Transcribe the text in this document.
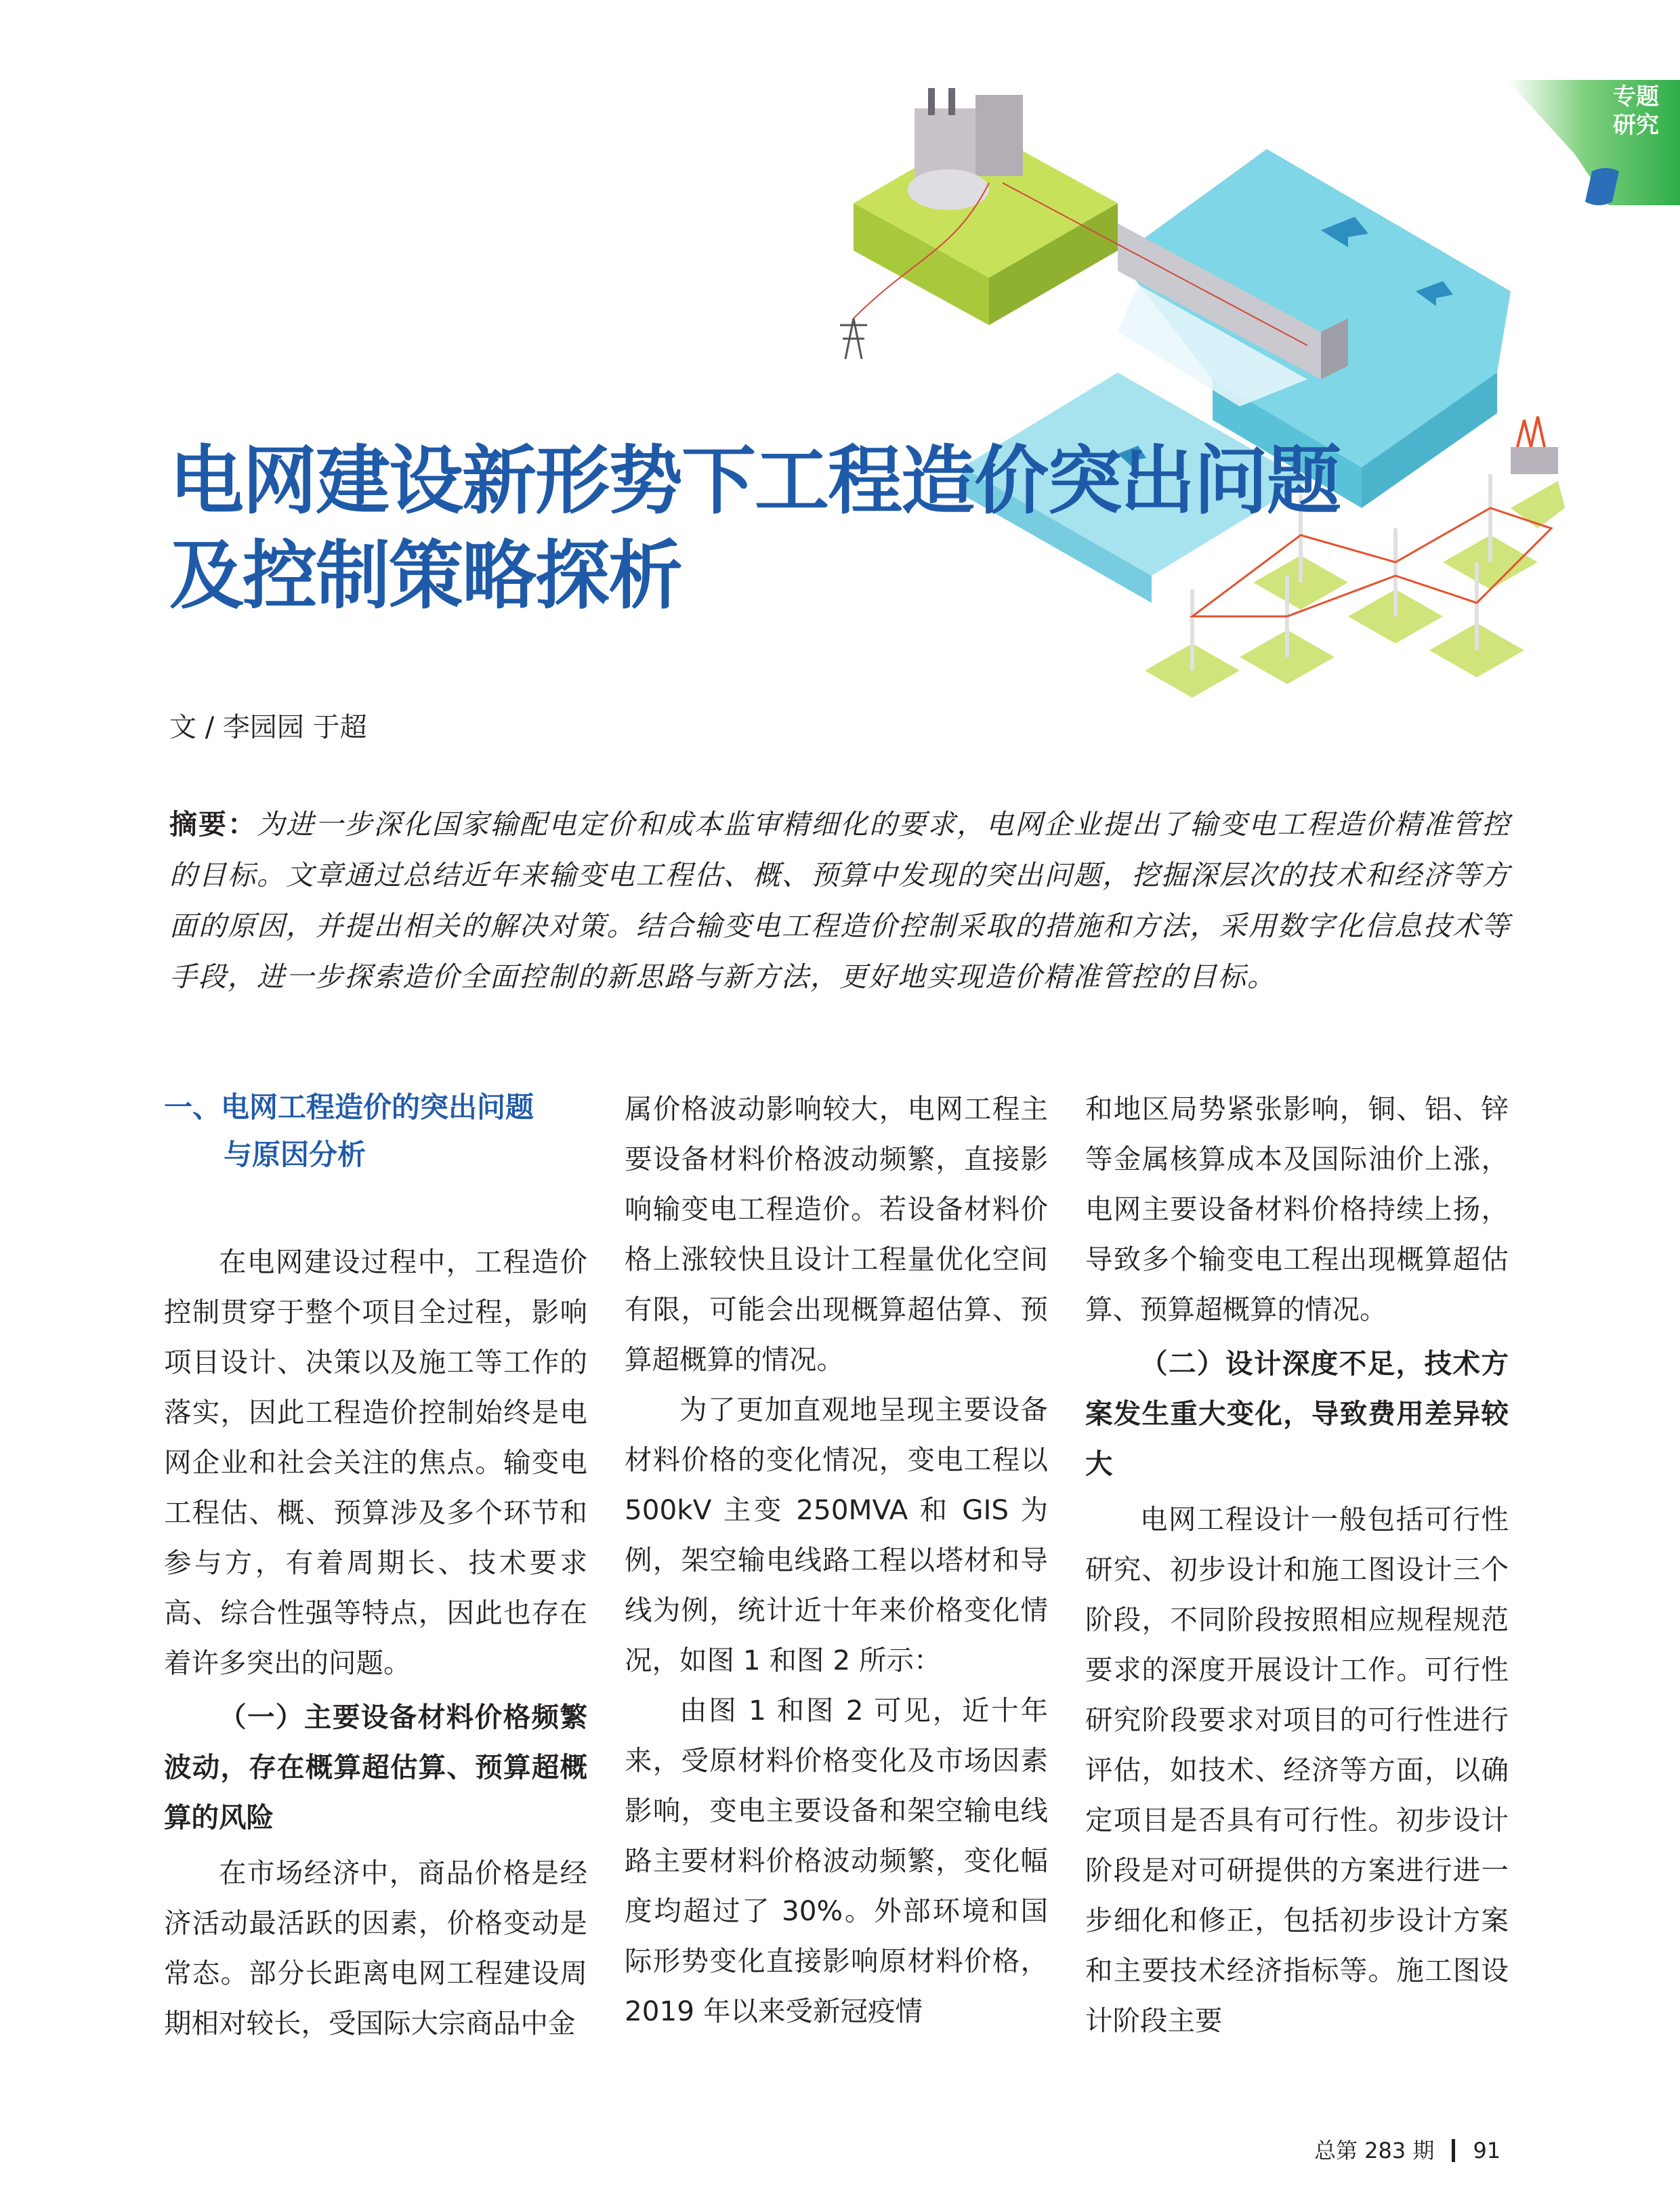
专题
研究
电网建设新形势下工程造价突出问题
及控制策略探析
文 / 李园园 于超
摘要：为进一步深化国家输配电定价和成本监审精细化的要求，电网企业提出了输变电工程造价精准管控的目标。文章通过总结近年来输变电工程估、概、预算中发现的突出问题，挖掘深层次的技术和经济等方面的原因，并提出相关的解决对策。结合输变电工程造价控制采取的措施和方法，采用数字化信息技术等手段，进一步探索造价全面控制的新思路与新方法，更好地实现造价精准管控的目标。
一、电网工程造价的突出问题
与原因分析

在电网建设过程中，工程造价控制贯穿于整个项目全过程，影响项目设计、决策以及施工等工作的落实，因此工程造价控制始终是电网企业和社会关注的焦点。输变电工程估、概、预算涉及多个环节和参与方，有着周期长、技术要求高、综合性强等特点，因此也存在着许多突出的问题。

（一）主要设备材料价格频繁波动，存在概算超估算、预算超概算的风险

在市场经济中，商品价格是经济活动最活跃的因素，价格变动是常态。部分长距离电网工程建设周期相对较长，受国际大宗商品中金

属价格波动影响较大，电网工程主要设备材料价格波动频繁，直接影响输变电工程造价。若设备材料价格上涨较快且设计工程量优化空间有限，可能会出现概算超估算、预算超概算的情况。

为了更加直观地呈现主要设备材料价格的变化情况，变电工程以 500kV 主变 250MVA 和 GIS 为例，架空输电线路工程以塔材和导线为例，统计近十年来价格变化情况，如图 1 和图 2 所示：

由图 1 和图 2 可见，近十年来，受原材料价格变化及市场因素影响，变电主要设备和架空输电线路主要材料价格波动频繁，变化幅度均超过了 30%。外部环境和国际形势变化直接影响原材料价格，2019 年以来受新冠疫情

和地区局势紧张影响，铜、铝、锌等金属核算成本及国际油价上涨，电网主要设备材料价格持续上扬，导致多个输变电工程出现概算超估算、预算超概算的情况。

（二）设计深度不足，技术方案发生重大变化，导致费用差异较大

电网工程设计一般包括可行性研究、初步设计和施工图设计三个阶段，不同阶段按照相应规程规范要求的深度开展设计工作。可行性研究阶段要求对项目的可行性进行评估，如技术、经济等方面，以确定项目是否具有可行性。初步设计阶段是对可研提供的方案进行进一步细化和修正，包括初步设计方案和主要技术经济指标等。施工图设计阶段主要

总第 283 期 91
